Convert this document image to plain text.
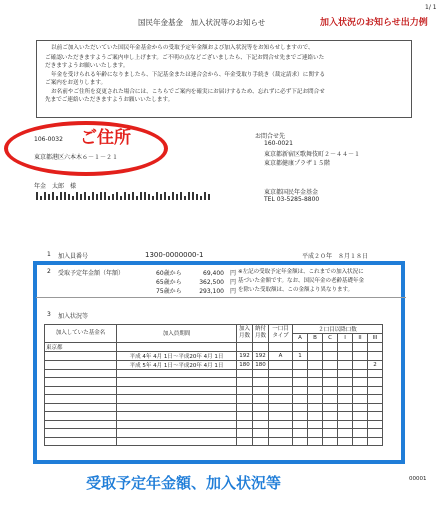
1/ 1
国民年金基金　加入状況等のお知らせ	加入状況のお知らせ出力例
以前ご加入いただいていた国民年金基金からの受取予定年金額および加入状況等をお知らせしますので、
ご確認いただきますようご案内申し上げます。ご不明の点などございましたら、下記お問合せ先までご連絡いた
だきますようお願いいたします。
年金を受けられる年齢になりましたら、下記基金または連合会から、年金受取り手続き（裁定請求）に関する
ご案内をお送りします。
お名前やご住所を変更された場合には、こちらでご案内を確実にお届けするため、忘れずに必ず下記お問合せ
先までご連絡いただきますようお願いいたします。
106-0032
東京都港区六本木６－１－２１
ご住所	お問合せ先
160-0021
東京都新宿区歌舞伎町２－４４－１
東京都健康プラザ１５階
年金　太郎　様
東京都国民年金基金
TEL 03-5285-8800
1 加入員番号	1300-0000000-1	平成２０年　８月１８日
2 受取予定年金額（年額）	60歳から	69,400　円
65歳から	362,500　円
75歳から	293,100　円
※左記の受取予定年金額は、これまでの加入状況に
基づいた金額です。なお、国民年金の老齢基礎年金
を除いた受取額は、この金額より異なります。
3 加入状況等
加入していた基金名	加入員期間	加入月数	納付月数	一口目タイプ	２口目以降口数					
					A	B	C	I	II	III
東京都										
	平成 4年 4月 1日～平成20年 4月 1日	192	192	A	1					
	平成 5年 4月 1日～平成20年 4月 1日	180	180							2

受取予定年金額、加入状況等	00001
